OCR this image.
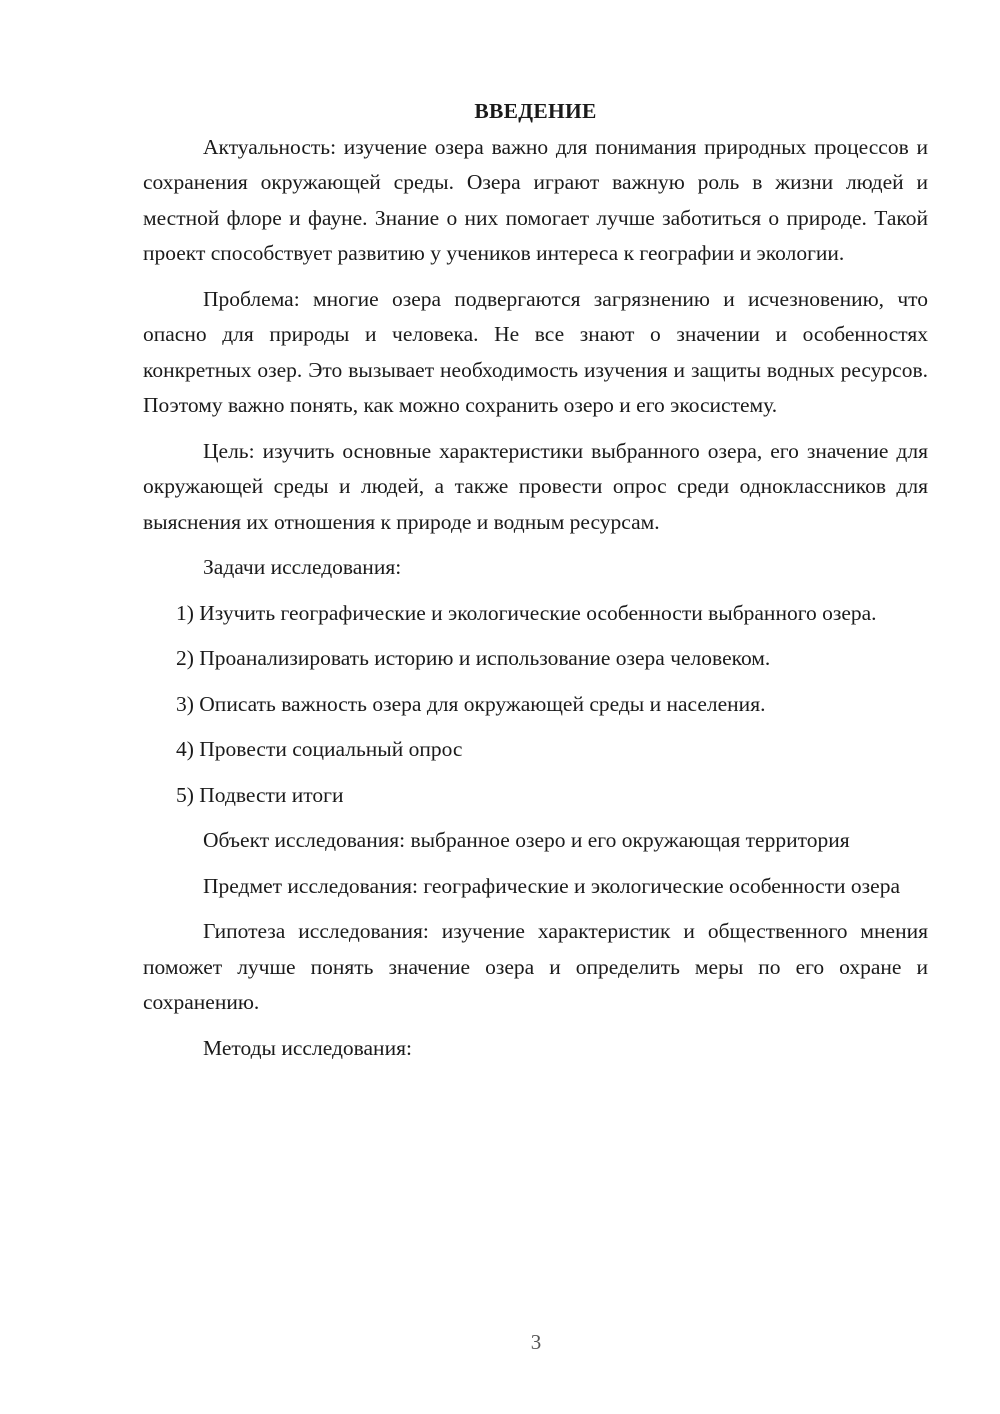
ВВЕДЕНИЕ

Актуальность: изучение озера важно для понимания природных процессов и сохранения окружающей среды. Озера играют важную роль в жизни людей и местной флоре и фауне. Знание о них помогает лучше заботиться о природе. Такой проект способствует развитию у учеников интереса к географии и экологии.

Проблема: многие озера подвергаются загрязнению и исчезновению, что опасно для природы и человека. Не все знают о значении и особенностях конкретных озер. Это вызывает необходимость изучения и защиты водных ресурсов. Поэтому важно понять, как можно сохранить озеро и его экосистему.

Цель: изучить основные характеристики выбранного озера, его значение для окружающей среды и людей, а также провести опрос среди одноклассников для выяснения их отношения к природе и водным ресурсам.

Задачи исследования:

1) Изучить географические и экологические особенности выбранного озера.

2) Проанализировать историю и использование озера человеком.

3) Описать важность озера для окружающей среды и населения.

4) Провести социальный опрос

5) Подвести итоги

Объект исследования: выбранное озеро и его окружающая территория

Предмет исследования: географические и экологические особенности озера

Гипотеза исследования: изучение характеристик и общественного мнения поможет лучше понять значение озера и определить меры по его охране и сохранению.

Методы исследования:

3
